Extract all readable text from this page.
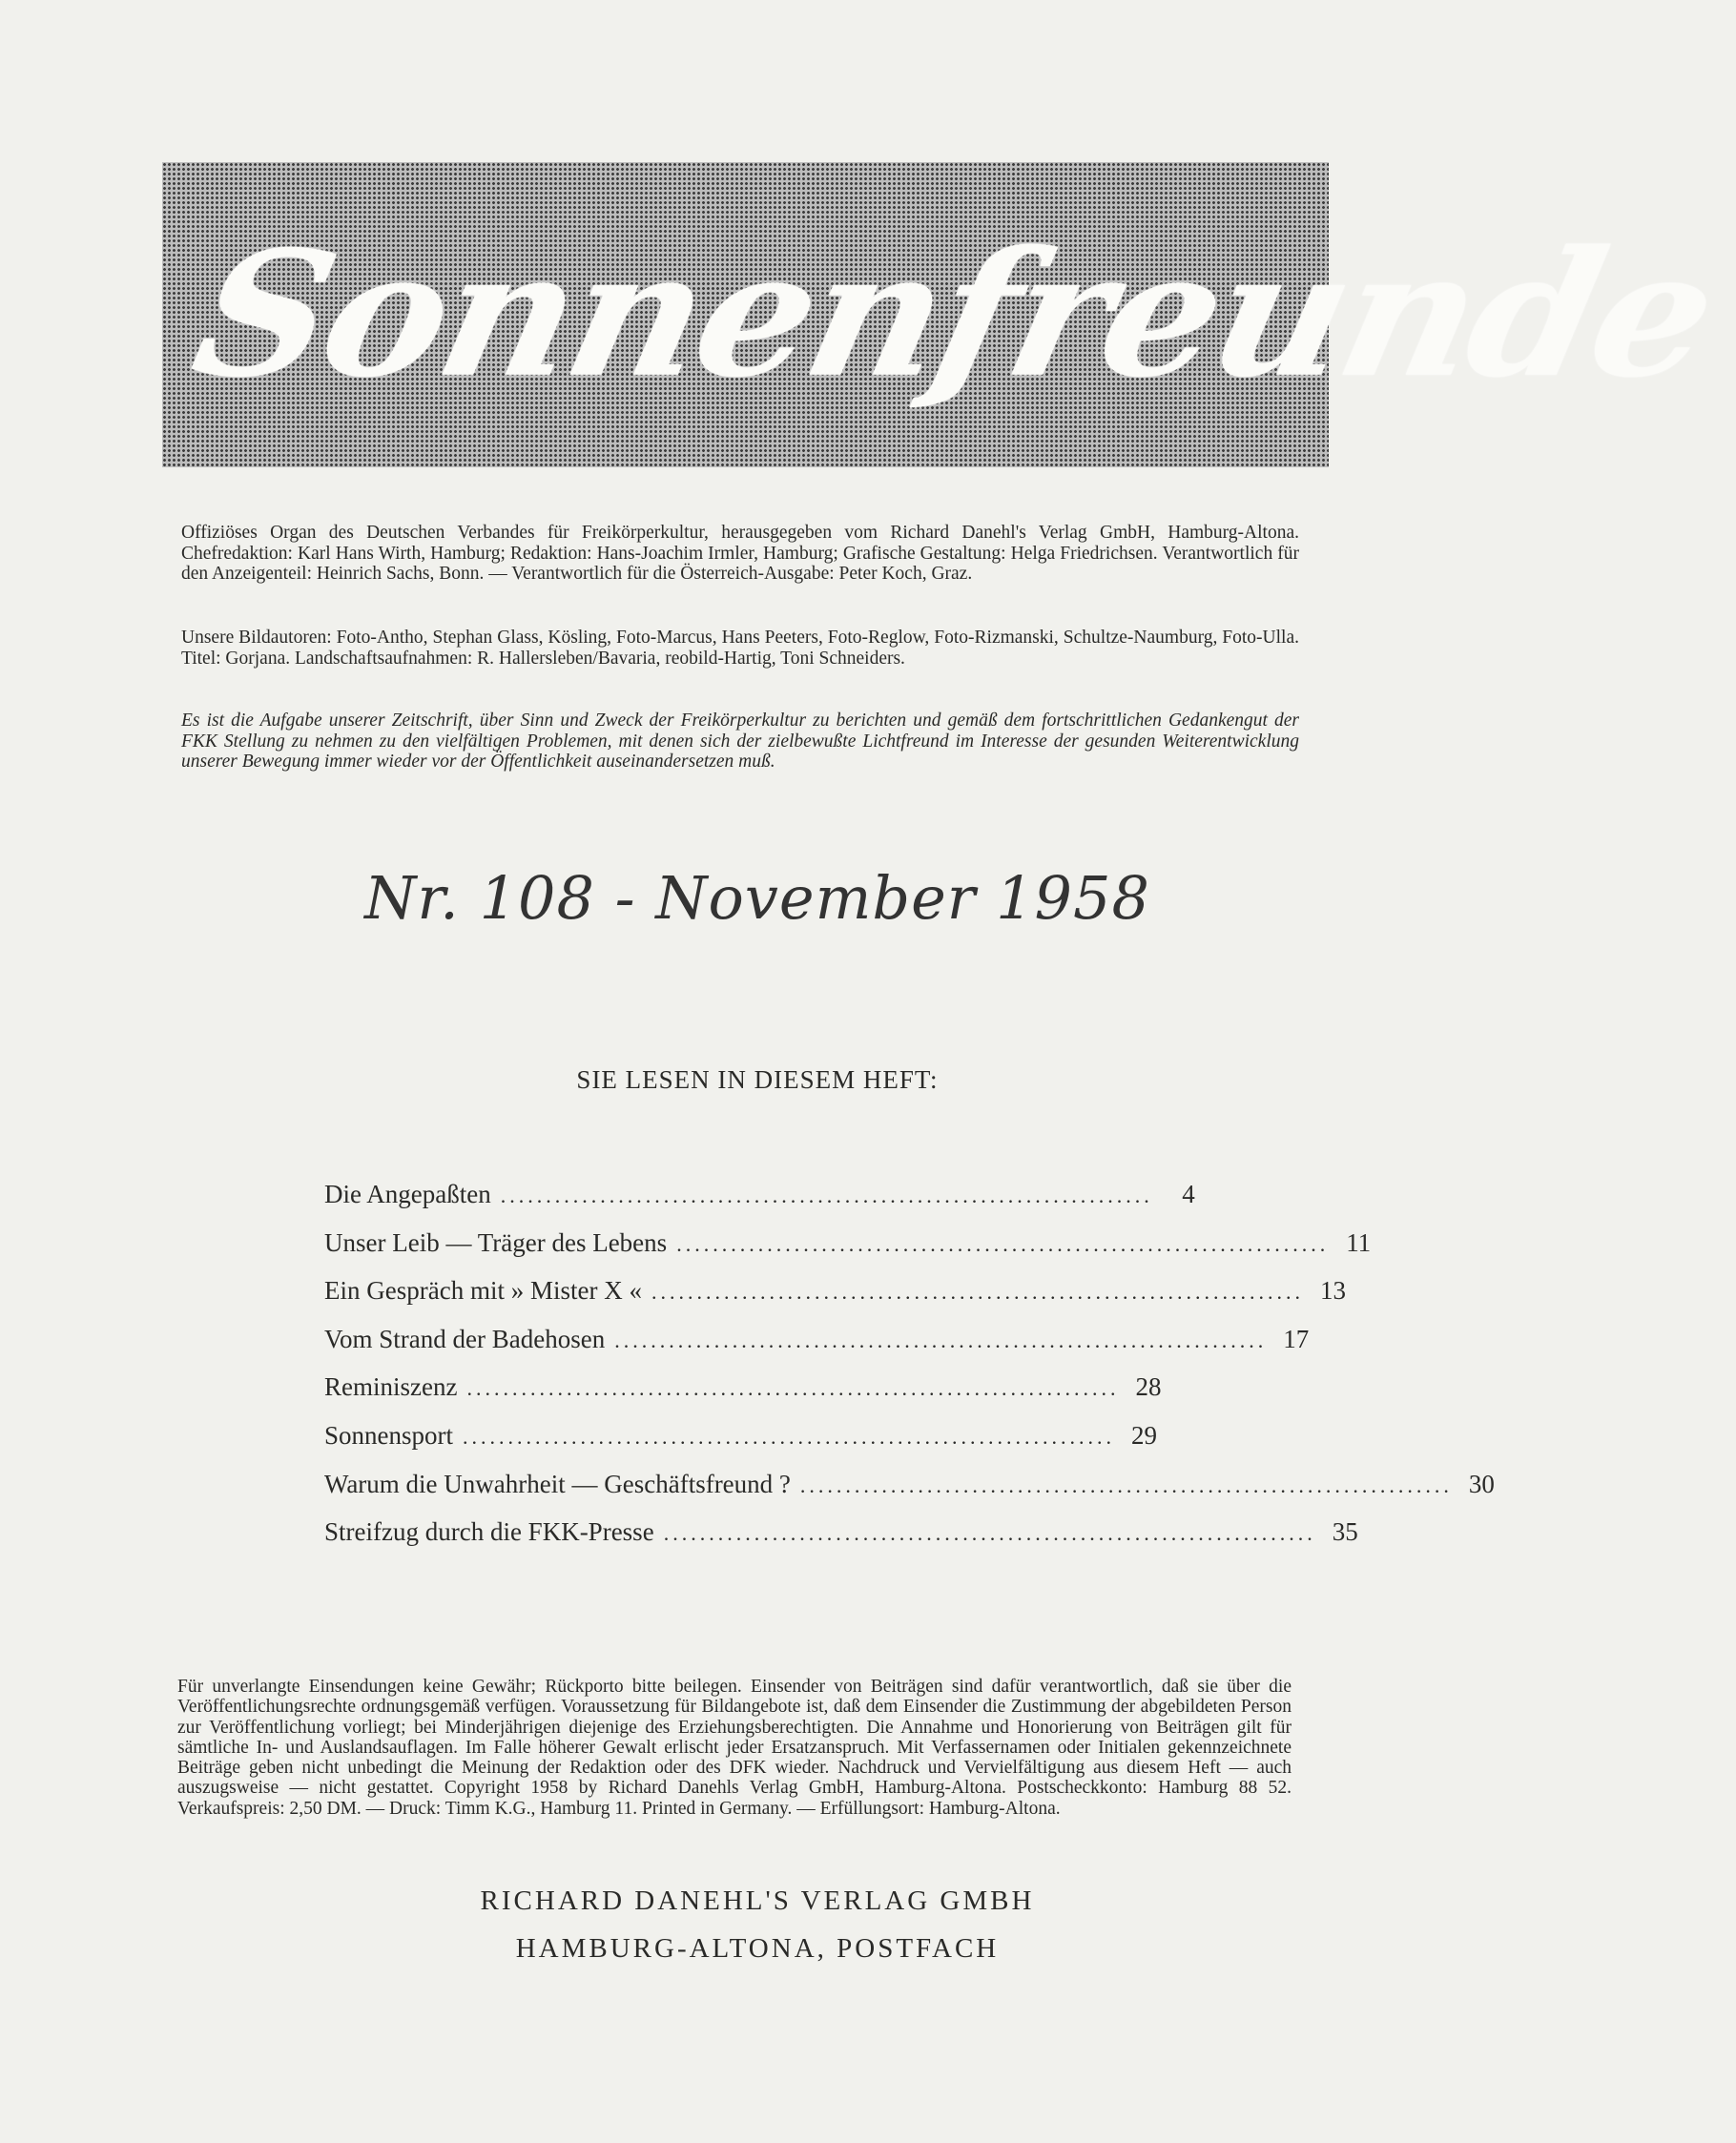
Sonnenfreunde
Offiziöses Organ des Deutschen Verbandes für Freikörperkultur, herausgegeben vom Richard Danehl's Verlag GmbH, Hamburg-Altona. Chefredaktion: Karl Hans Wirth, Hamburg; Redaktion: Hans-Joachim Irmler, Hamburg; Grafische Gestaltung: Helga Friedrichsen. Verantwortlich für den Anzeigenteil: Heinrich Sachs, Bonn. — Verantwortlich für die Österreich-Ausgabe: Peter Koch, Graz.
Unsere Bildautoren: Foto-Antho, Stephan Glass, Kösling, Foto-Marcus, Hans Peeters, Foto-Reglow, Foto-Rizmanski, Schultze-Naumburg, Foto-Ulla. Titel: Gorjana. Landschaftsaufnahmen: R. Hallersleben/Bavaria, reobild-Hartig, Toni Schneiders.
Es ist die Aufgabe unserer Zeitschrift, über Sinn und Zweck der Freikörperkultur zu berichten und gemäß dem fortschrittlichen Gedankengut der FKK Stellung zu nehmen zu den vielfältigen Problemen, mit denen sich der zielbewußte Lichtfreund im Interesse der gesunden Weiterentwicklung unserer Bewegung immer wieder vor der Öffentlichkeit auseinandersetzen muß.
Nr. 108 - November 1958
SIE LESEN IN DIESEM HEFT:
Die Angepaßten ........................................................................	4
Unser Leib — Träger des Lebens ........................................................................ 11
Ein Gespräch mit » Mister X « ........................................................................ 13
Vom Strand der Badehosen ........................................................................ 17
Reminiszenz ........................................................................ 28
Sonnensport ........................................................................ 29
Warum die Unwahrheit — Geschäftsfreund ? ........................................................................ 30
Streifzug durch die FKK-Presse ........................................................................ 35
Für unverlangte Einsendungen keine Gewähr; Rückporto bitte beilegen. Einsender von Beiträgen sind dafür verantwortlich, daß sie über die Veröffentlichungsrechte ordnungsgemäß verfügen. Voraussetzung für Bildangebote ist, daß dem Einsender die Zustimmung der abgebildeten Person zur Veröffentlichung vorliegt; bei Minderjährigen diejenige des Erziehungsberechtigten. Die Annahme und Honorierung von Beiträgen gilt für sämtliche In- und Auslandsauflagen. Im Falle höherer Gewalt erlischt jeder Ersatzanspruch. Mit Verfassernamen oder Initialen gekennzeichnete Beiträge geben nicht unbedingt die Meinung der Redaktion oder des DFK wieder. Nachdruck und Vervielfältigung aus diesem Heft — auch auszugsweise — nicht gestattet. Copyright 1958 by Richard Danehls Verlag GmbH, Hamburg-Altona. Postscheckkonto: Hamburg 88 52. Verkaufspreis: 2,50 DM. — Druck: Timm K.G., Hamburg 11. Printed in Germany. — Erfüllungsort: Hamburg-Altona.
RICHARD DANEHL'S VERLAG GMBH
HAMBURG-ALTONA, POSTFACH
